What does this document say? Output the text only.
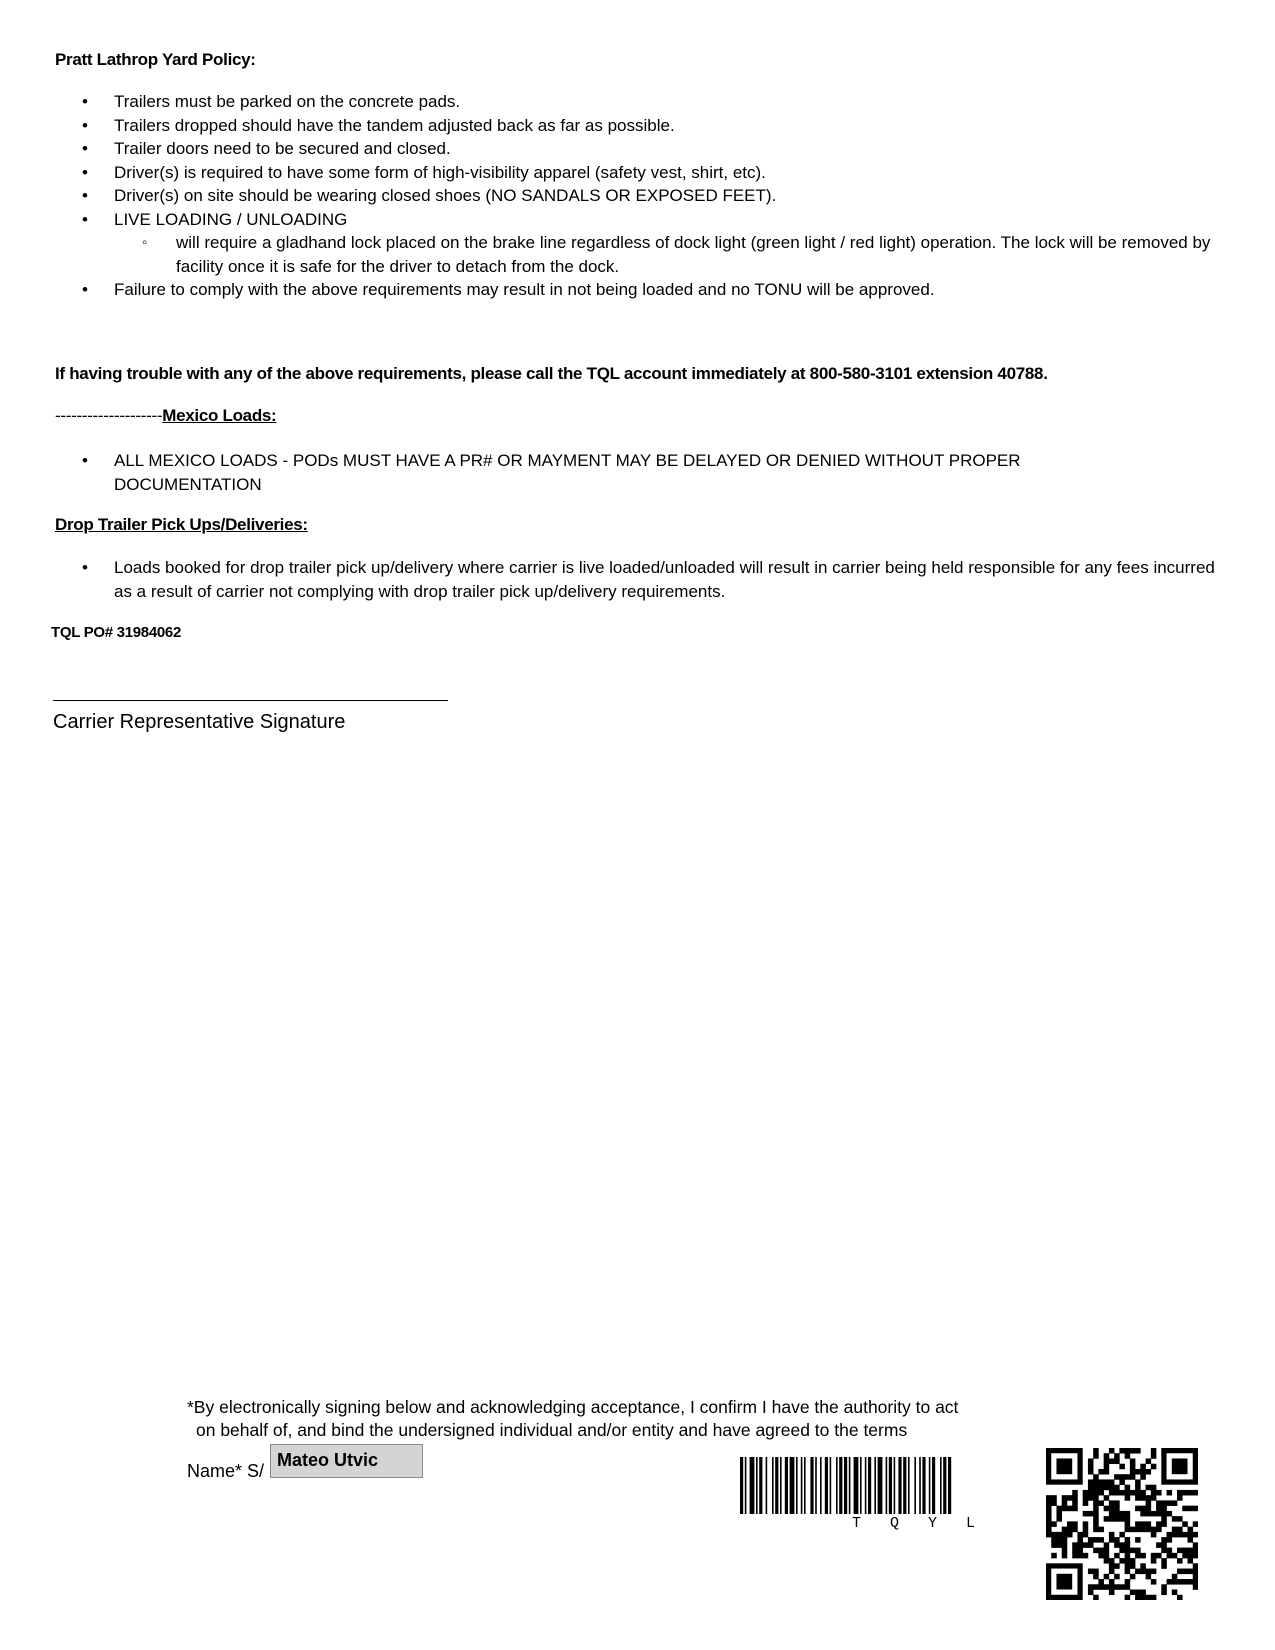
Pratt Lathrop Yard Policy:
• Trailers must be parked on the concrete pads.
• Trailers dropped should have the tandem adjusted back as far as possible.
• Trailer doors need to be secured and closed.
• Driver(s) is required to have some form of high-visibility apparel (safety vest, shirt, etc).
• Driver(s) on site should be wearing closed shoes (NO SANDALS OR EXPOSED FEET).
• LIVE LOADING / UNLOADING
◦ will require a gladhand lock placed on the brake line regardless of dock light (green light / red light) operation. The lock will be removed by facility once it is safe for the driver to detach from the dock.
• Failure to comply with the above requirements may result in not being loaded and no TONU will be approved.
If having trouble with any of the above requirements, please call the TQL account immediately at 800-580-3101 extension 40788.
--------------------Mexico Loads:
• ALL MEXICO LOADS - PODs MUST HAVE A PR# OR MAYMENT MAY BE DELAYED OR DENIED WITHOUT PROPER DOCUMENTATION
Drop Trailer Pick Ups/Deliveries:
• Loads booked for drop trailer pick up/delivery where carrier is live loaded/unloaded will result in carrier being held responsible for any fees incurred as a result of carrier not complying with drop trailer pick up/delivery requirements.
TQL PO# 31984062
Carrier Representative Signature
*By electronically signing below and acknowledging acceptance, I confirm I have the authority to act
on behalf of, and bind the undersigned individual and/or entity and have agreed to the terms
Name* S/
Mateo Utvic
T Q Y L
